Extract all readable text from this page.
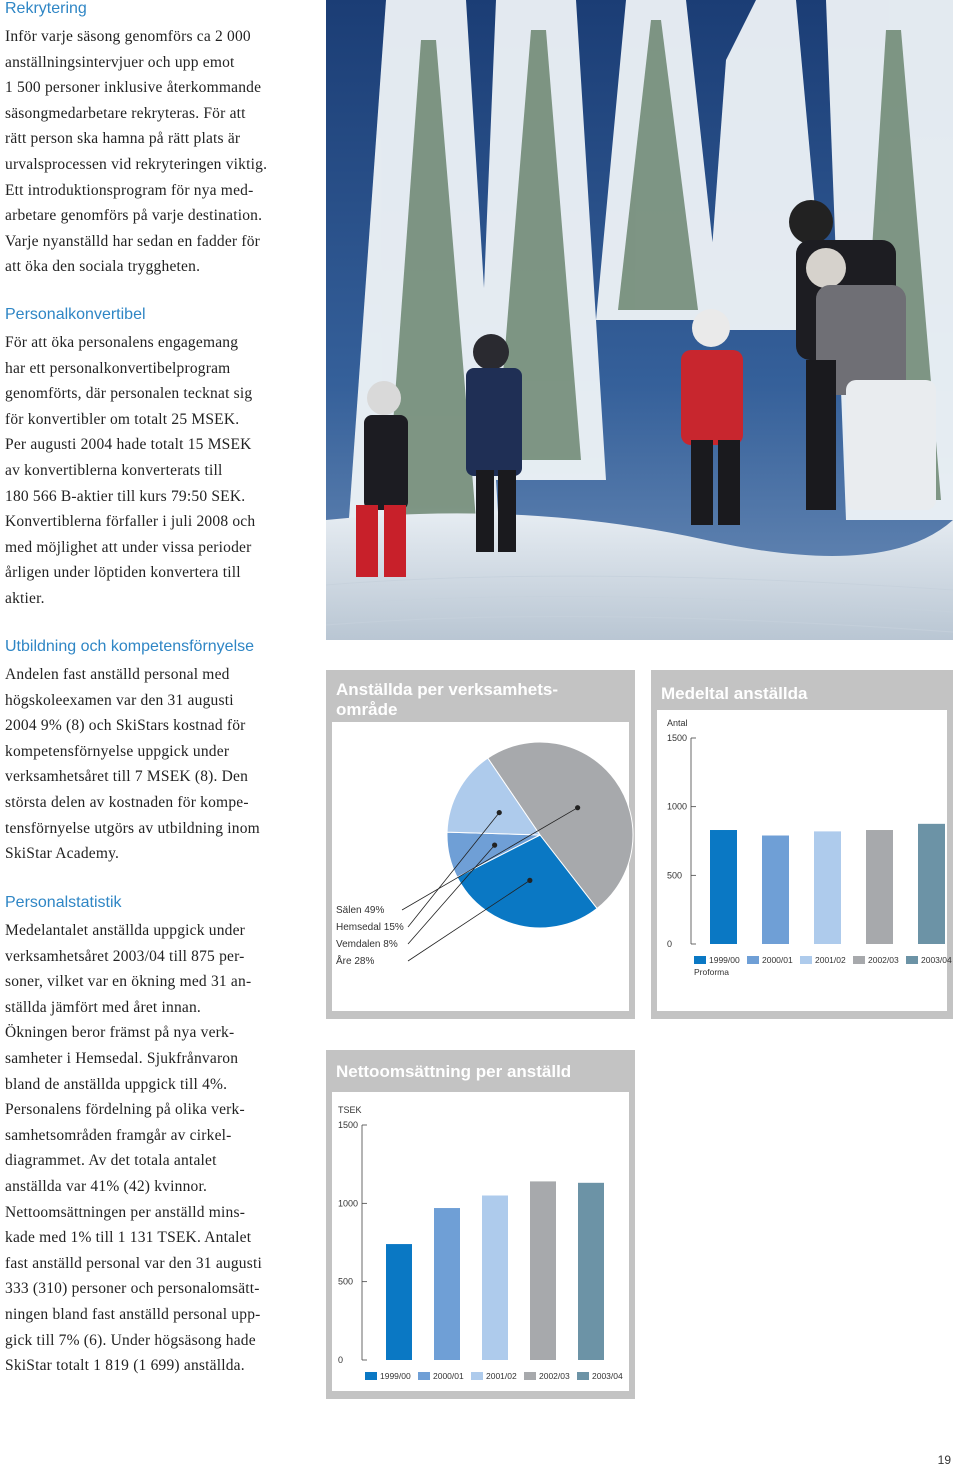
Rekrytering

Inför varje säsong genomförs ca 2 000
anställningsintervjuer och upp emot
1 500 personer inklusive återkommande
säsongmedarbetare rekryteras. För att
rätt person ska hamna på rätt plats är
urvalsprocessen vid rekryteringen viktig.
Ett introduktionsprogram för nya med-
arbetare genomförs på varje destination.
Varje nyanställd har sedan en fadder för
att öka den sociala tryggheten.

Personalkonvertibel

För att öka personalens engagemang
har ett personalkonvertibelprogram
genomförts, där personalen tecknat sig
för konvertibler om totalt 25 MSEK.
Per augusti 2004 hade totalt 15 MSEK
av konvertiblerna konverterats till
180 566 B-aktier till kurs 79:50 SEK.
Konvertiblerna förfaller i juli 2008 och
med möjlighet att under vissa perioder
årligen under löptiden konvertera till
aktier.

Utbildning och kompetensförnyelse

Andelen fast anställd personal med
högskoleexamen var den 31 augusti
2004 9% (8) och SkiStars kostnad för
kompetensförnyelse uppgick under
verksamhetsåret till 7 MSEK (8). Den
största delen av kostnaden för kompe-
tensförnyelse utgörs av utbildning inom
SkiStar Academy.

Personalstatistik

Medelantalet anställda uppgick under
verksamhetsåret 2003/04 till 875 per-
soner, vilket var en ökning med 31 an-
ställda jämfört med året innan.
Ökningen beror främst på nya verk-
samheter i Hemsedal. Sjukfrånvaron
bland de anställda uppgick till 4%.
Personalens fördelning på olika verk-
samhetsområden framgår av cirkel-
diagrammet. Av det totala antalet
anställda var 41% (42) kvinnor.
Nettoomsättningen per anställd mins-
kade med 1% till 1 131 TSEK. Antalet
fast anställd personal var den 31 augusti
333 (310) personer och personalomsätt-
ningen bland fast anställd personal upp-
gick till 7% (6). Under högsäsong hade
SkiStar totalt 1 819 (1 699) anställda.

Anställda per verksamhets-
område
Sälen 49%
Hemsedal 15%
Vemdalen 8%
Åre 28%
Medeltal anställda
Antal
0
500
1000
1500
1999/00	2000/01	2001/02	2002/03	2003/04
Proforma
Nettoomsättning per anställd
TSEK
0
500
1000
1500
1999/00	2000/01	2001/02	2002/03	2003/04
19
